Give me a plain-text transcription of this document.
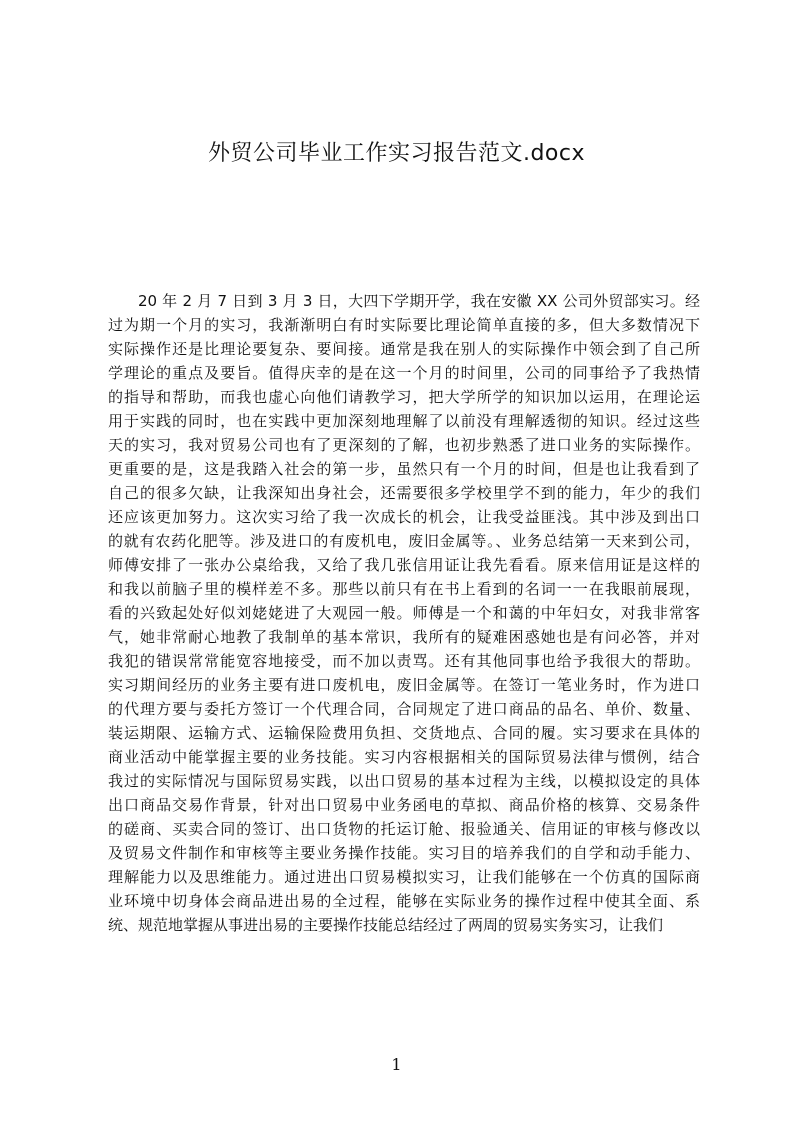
外贸公司毕业工作实习报告范文.docx
20 年 2 月 7 日到 3 月 3 日，大四下学期开学，我在安徽 XX 公司外贸部实习。经
过为期一个月的实习，我渐渐明白有时实际要比理论简单直接的多，但大多数情况下
实际操作还是比理论要复杂、要间接。通常是我在别人的实际操作中领会到了自己所
学理论的重点及要旨。值得庆幸的是在这一个月的时间里，公司的同事给予了我热情
的指导和帮助，而我也虚心向他们请教学习，把大学所学的知识加以运用，在理论运
用于实践的同时，也在实践中更加深刻地理解了以前没有理解透彻的知识。经过这些
天的实习，我对贸易公司也有了更深刻的了解，也初步熟悉了进口业务的实际操作。
更重要的是，这是我踏入社会的第一步，虽然只有一个月的时间，但是也让我看到了
自己的很多欠缺，让我深知出身社会，还需要很多学校里学不到的能力，年少的我们
还应该更加努力。这次实习给了我一次成长的机会，让我受益匪浅。其中涉及到出口
的就有农药化肥等。涉及进口的有废机电，废旧金属等。、业务总结第一天来到公司，
师傅安排了一张办公桌给我，又给了我几张信用证让我先看看。原来信用证是这样的
和我以前脑子里的模样差不多。那些以前只有在书上看到的名词一一在我眼前展现，
看的兴致起处好似刘姥姥进了大观园一般。师傅是一个和蔼的中年妇女，对我非常客
气，她非常耐心地教了我制单的基本常识，我所有的疑难困惑她也是有问必答，并对
我犯的错误常常能宽容地接受，而不加以责骂。还有其他同事也给予我很大的帮助。
实习期间经历的业务主要有进口废机电，废旧金属等。在签订一笔业务时，作为进口
的代理方要与委托方签订一个代理合同，合同规定了进口商品的品名、单价、数量、
装运期限、运输方式、运输保险费用负担、交货地点、合同的履。实习要求在具体的
商业活动中能掌握主要的业务技能。实习内容根据相关的国际贸易法律与惯例，结合
我过的实际情况与国际贸易实践，以出口贸易的基本过程为主线，以模拟设定的具体
出口商品交易作背景，针对出口贸易中业务函电的草拟、商品价格的核算、交易条件
的磋商、买卖合同的签订、出口货物的托运订舱、报验通关、信用证的审核与修改以
及贸易文件制作和审核等主要业务操作技能。实习目的培养我们的自学和动手能力、
理解能力以及思维能力。通过进出口贸易模拟实习，让我们能够在一个仿真的国际商
业环境中切身体会商品进出易的全过程，能够在实际业务的操作过程中使其全面、系
统、规范地掌握从事进出易的主要操作技能总结经过了两周的贸易实务实习，让我们
1
